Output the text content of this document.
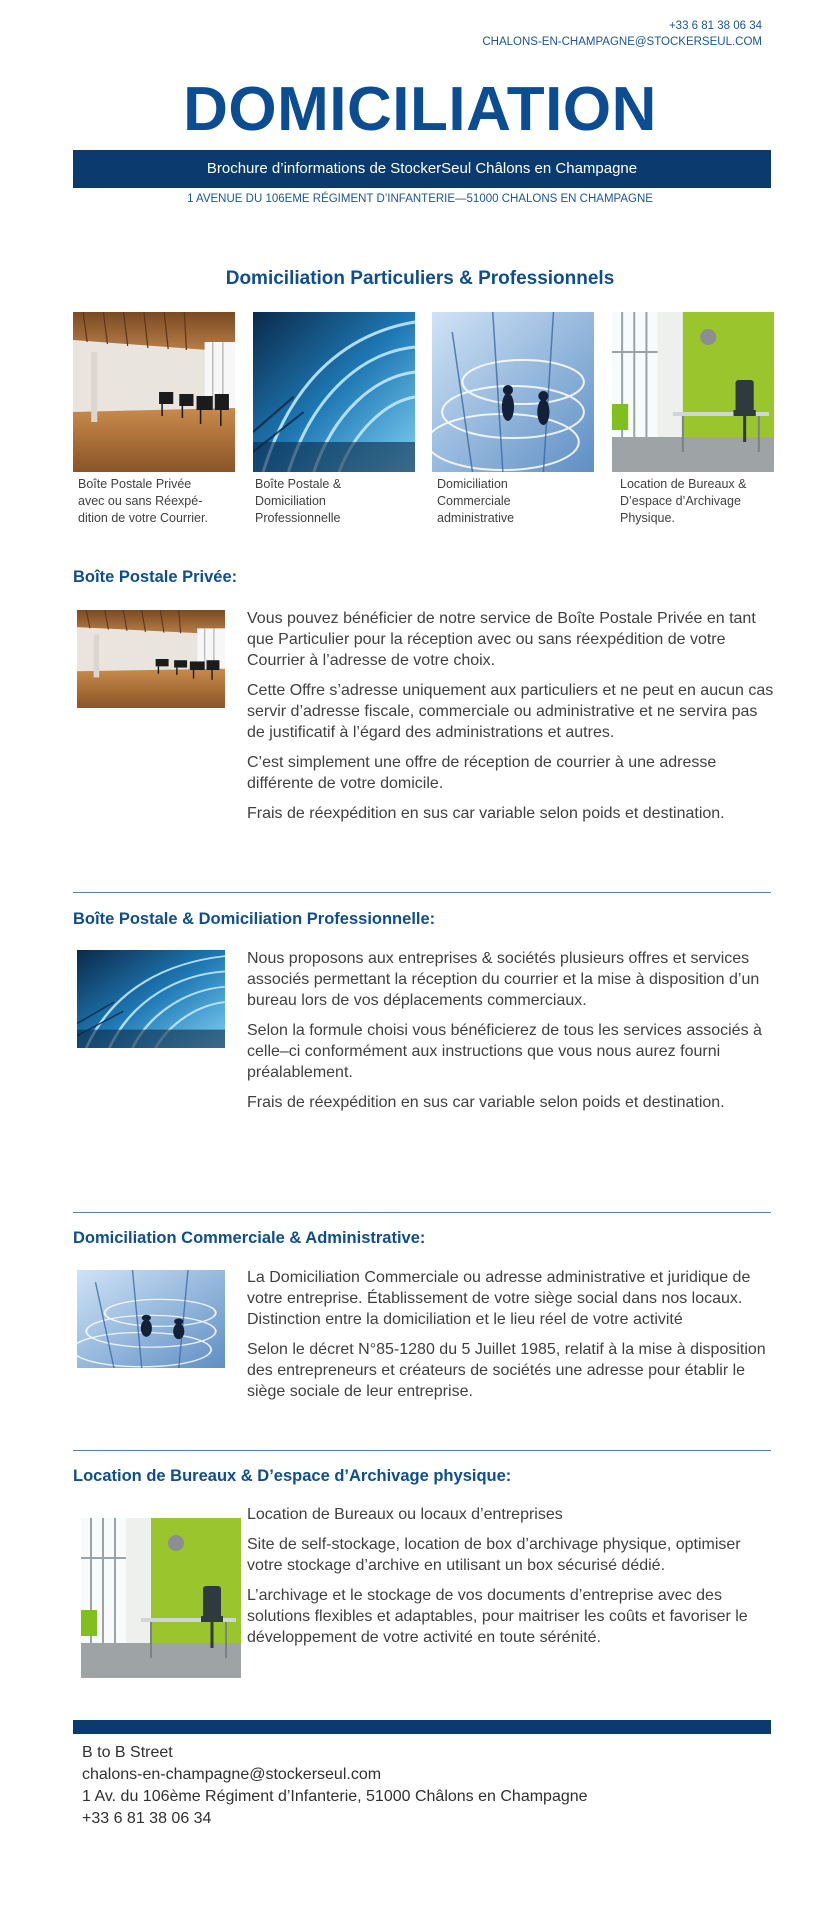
+33 6 81 38 06 34
CHALONS-EN-CHAMPAGNE@STOCKERSEUL.COM
DOMICILIATION
Brochure d’informations de StockerSeul Châlons en Champagne
1 AVENUE DU 106EME RÉGIMENT D’INFANTERIE—51000 CHALONS EN CHAMPAGNE
Domiciliation Particuliers & Professionnels
Boîte Postale Privée
avec ou sans Réexpé-
dition de votre Courrier.
Boîte Postale &
Domiciliation
Professionnelle
Domiciliation
Commerciale
administrative
Location de Bureaux &
D’espace d’Archivage
Physique.
Boîte Postale Privée:

Vous pouvez bénéficier de notre service de Boîte Postale Privée en tant que Particulier pour la réception avec ou sans réexpédition de votre Courrier à l’adresse de votre choix.

Cette Offre s’adresse uniquement aux particuliers et ne peut en aucun cas servir d’adresse fiscale, commerciale ou administrative et ne servira pas de justificatif à l’égard des administrations et autres.

C’est simplement une offre de réception de courrier à une adresse différente de votre domicile.

Frais de réexpédition en sus car variable selon poids et destination.

Boîte Postale & Domiciliation Professionnelle:

Nous proposons aux entreprises & sociétés plusieurs offres et services associés permettant la réception du courrier et la mise à disposition d’un bureau lors de vos déplacements commerciaux.

Selon la formule choisi vous bénéficierez de tous les services associés à celle–ci conformément aux instructions que vous nous aurez fourni préalablement.

Frais de réexpédition en sus car variable selon poids et destination.

Domiciliation Commerciale & Administrative:

La Domiciliation Commerciale ou adresse administrative et juridique de votre entreprise. Établissement de votre siège social dans nos locaux. Distinction entre la domiciliation et le lieu réel de votre activité

Selon le décret N°85-1280 du 5 Juillet 1985, relatif à la mise à disposition des entrepreneurs et créateurs de sociétés une adresse pour établir le siège sociale de leur entreprise.

Location de Bureaux & D’espace d’Archivage physique:

Location de Bureaux ou locaux d’entreprises

Site de self-stockage, location de box d’archivage physique, optimiser votre stockage d’archive en utilisant un box sécurisé dédié.

L’archivage et le stockage de vos documents d’entreprise avec des solutions flexibles et adaptables, pour maitriser les coûts et favoriser le développement de votre activité en toute sérénité.

B to B Street
chalons-en-champagne@stockerseul.com
1 Av. du 106ème Régiment d’Infanterie, 51000 Châlons en Champagne
+33 6 81 38 06 34
